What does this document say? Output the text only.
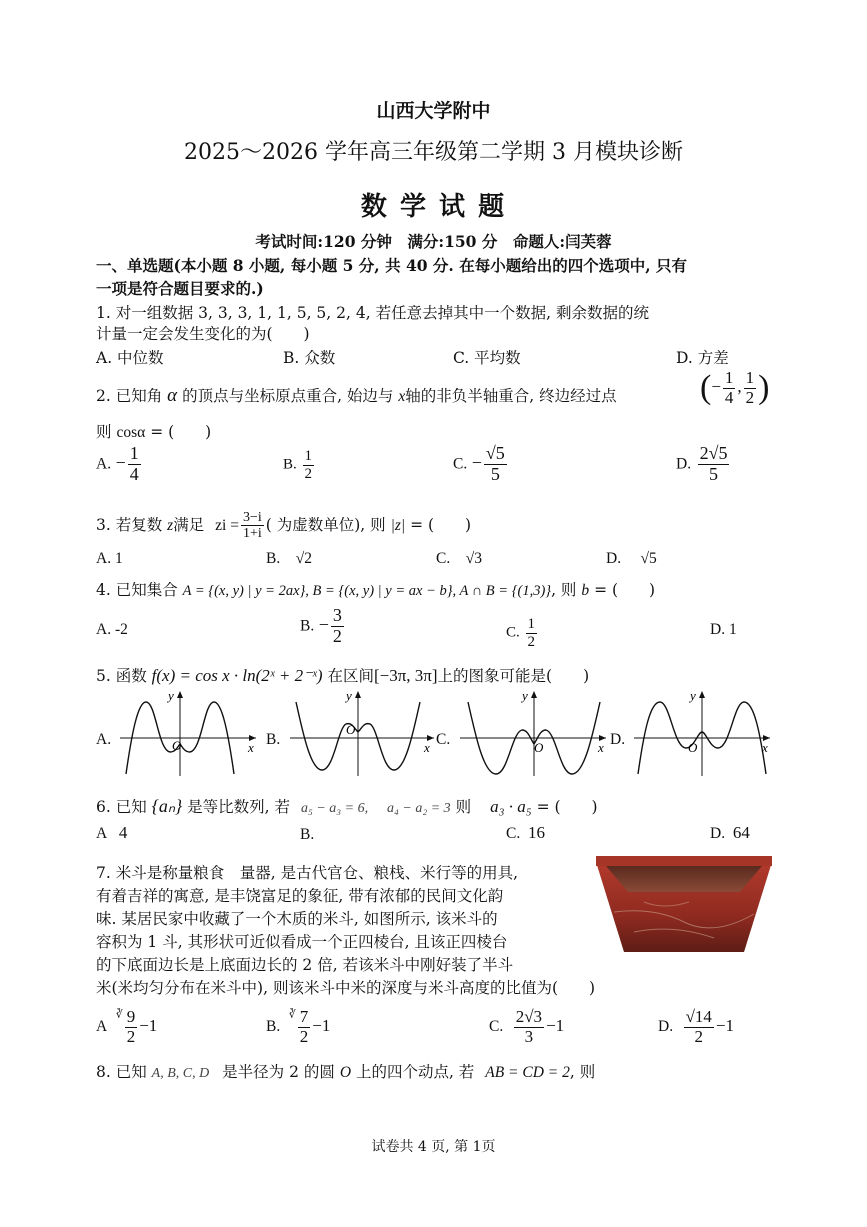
山西大学附中
2025～2026 学年高三年级第二学期 3 月模块诊断
数 学 试 题
考试时间:120 分钟　满分:150 分　命题人:闫芙蓉
一、单选题(本小题 8 小题, 每小题 5 分, 共 40 分. 在每小题给出的四个选项中, 只有
一项是符合题目要求的.)
1. 对一组数据 3, 3, 3, 1, 1, 5, 5, 2, 4, 若任意去掉其中一个数据, 剩余数据的统
计量一定会发生变化的为(　　)
A. 中位数	B. 众数	C. 平均数	D. 方差
2. 已知角 α 的顶点与坐标原点重合, 始边与 x轴的非负半轴重合, 终边经过点 (− $\frac{1}{4}$ , $\frac{1}{2}$ )
则 cosα = (　　)
A. − $\frac{1}{4}$	B. $\frac{1}{2}$	C. − $\frac{√5}{5}$	D. $\frac{2√5}{5}$
3. 若复数 z满足 zi = $\frac{3-i}{1+i}$ ( 为虚数单位), 则 |z| = (　　)
A. 1	B. √2	C. √3	D. √5
4. 已知集合 A = {(x, y) | y = 2ax}, B = {(x, y) | y = ax − b}, A ∩ B = {(1,3)}, 则 b = (　　)
A. -2	B. − $\frac{3}{2}$	C. $\frac{1}{2}$	D. 1
5. 函数 f(x) = cos x · ln(2ˣ + 2⁻ˣ) 在区间[−3π, 3π]上的图象可能是(　　)
A.	x
y
O	B.	x
y
O
C.	x
y
O	D.	x
y
O
6. 已知 {aₙ} 是等比数列, 若 a₅ − a₃ = 6, a₄ − a₂ = 3 则 a₃ · a₅ = (　　)
A 4	B.	C. 16	D. 64
7. 米斗是称量粮食　量器, 是古代官仓、粮栈、米行等的用具,
有着吉祥的寓意, 是丰饶富足的象征, 带有浓郁的民间文化韵
味. 某居民家中收藏了一个木质的米斗, 如图所示, 该米斗的
容积为 1 斗, 其形状可近似看成一个正四棱台, 且该正四棱台
的下底面边长是上底面边长的 2 倍, 若该米斗中刚好装了半斗
米(米均匀分布在米斗中), 则该米斗中米的深度与米斗高度的比值为(　　)
A  $^∛ \frac{9}{2} -1$	B.  $^∛ \frac{7}{2} -1$	C. $\frac{2√3}{3} -1$	D. $\frac{√14}{2} -1$
8. 已知 A, B, C, D 是半径为 2 的圆 O 上的四个动点, 若 AB = CD = 2, 则
试卷共 4 页, 第 1页
